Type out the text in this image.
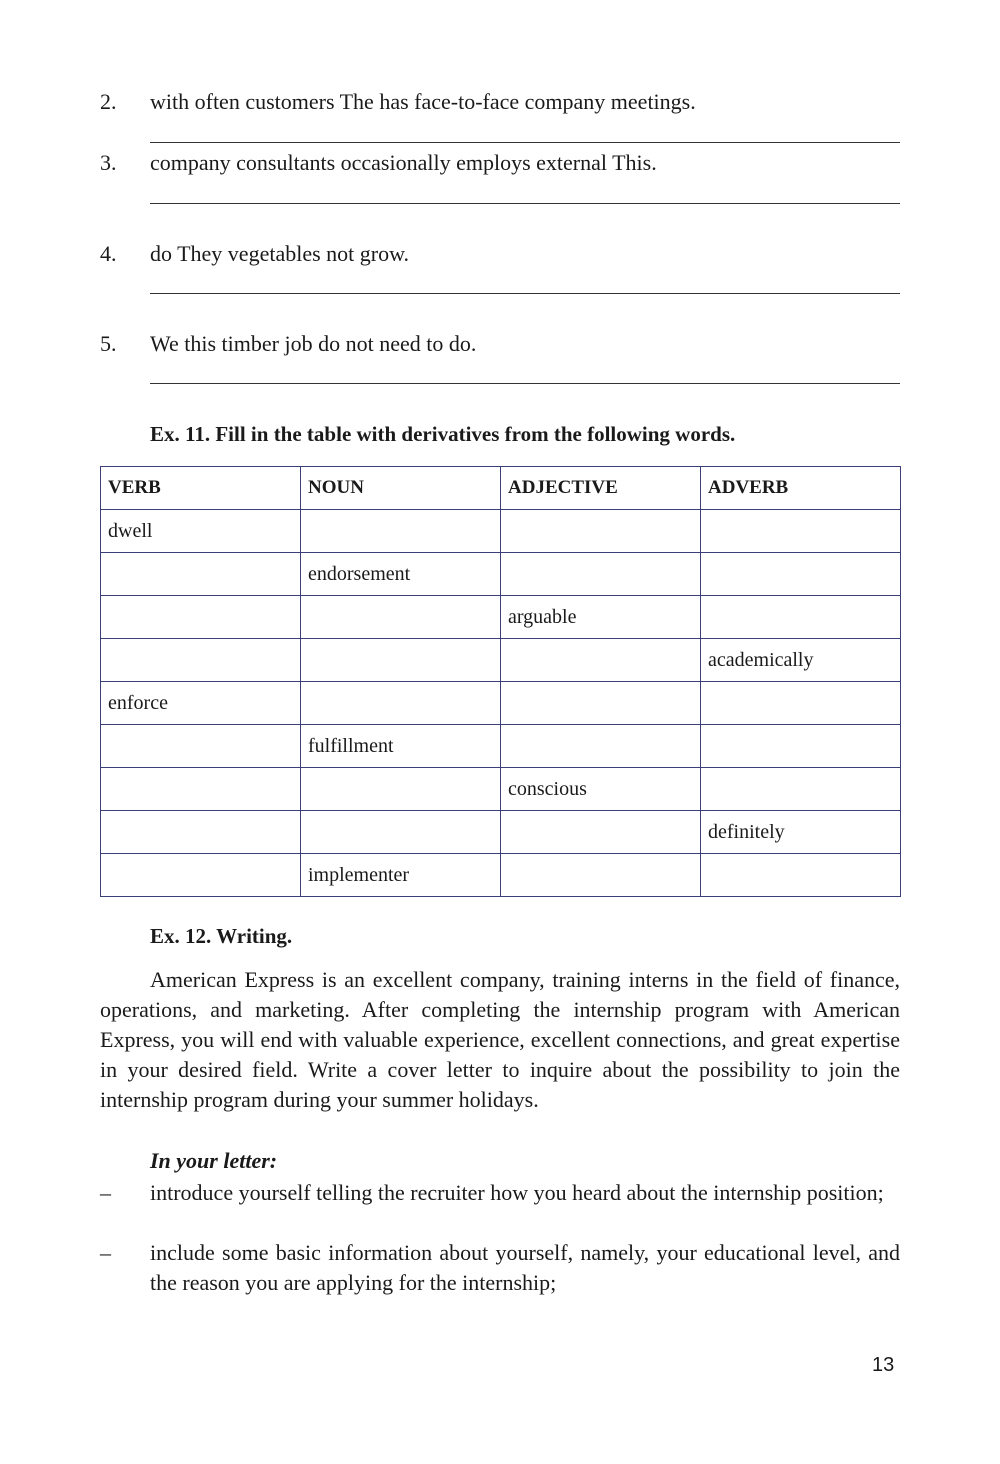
2. with often customers The has face-to-face company meetings.
3. company consultants occasionally employs external This.
4. do They vegetables not grow.
5. We this timber job do not need to do.
Ex. 11. Fill in the table with derivatives from the following words.
VERB	NOUN	ADJECTIVE	ADVERB
dwell			
	endorsement		
		arguable	
			academically
enforce			
	fulfillment		
		conscious	
			definitely
	implementer		
Ex. 12. Writing.

American Express is an excellent company, training interns in the field of finance, operations, and marketing. After completing the internship program with American Express, you will end with valuable experience, excellent connections, and great expertise in your desired field. Write a cover letter to inquire about the possibility to join the internship program during your summer holidays.

In your letter:
– introduce yourself telling the recruiter how you heard about the internship position;
– include some basic information about yourself, namely, your educational level, and the reason you are applying for the internship;
13
